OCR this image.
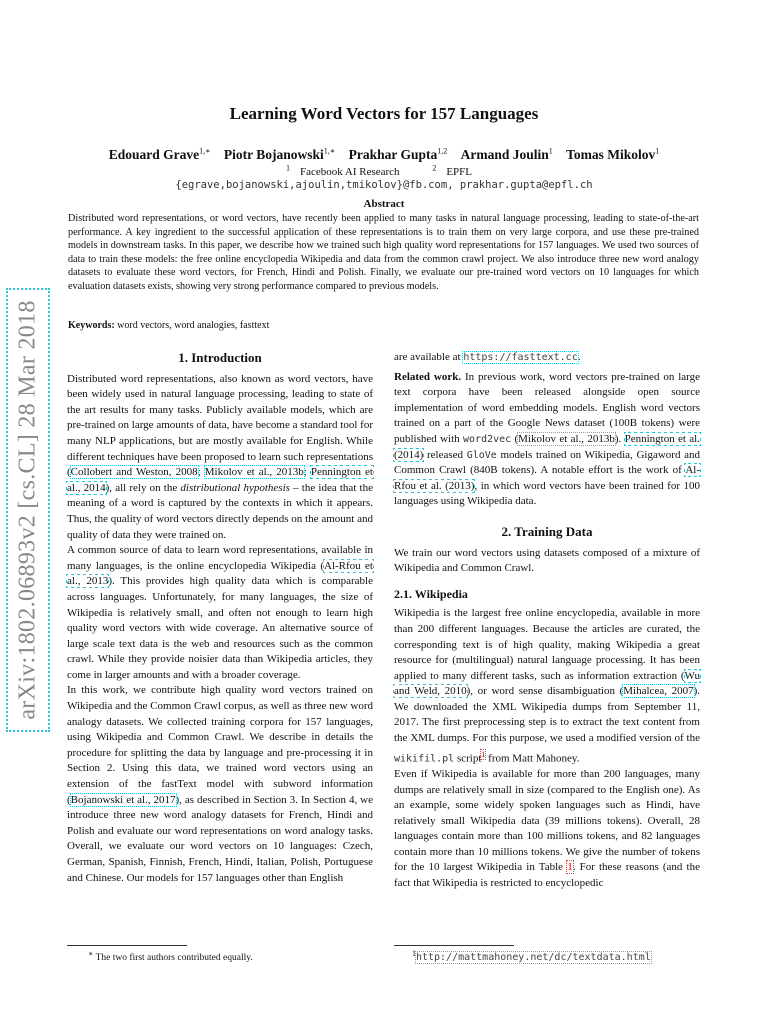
arXiv:1802.06893v2 [cs.CL] 28 Mar 2018
Learning Word Vectors for 157 Languages
Edouard Grave$^{1,∗}$ Piotr Bojanowski$^{1,∗}$ Prakhar Gupta$^{1,2}$ Armand Joulin$^1$ Tomas Mikolov$^1$
$^1$ Facebook AI Research	$^2$ EPFL
{egrave,bojanowski,ajoulin,tmikolov}@fb.com, prakhar.gupta@epfl.ch
Abstract

Distributed word representations, or word vectors, have recently been applied to many tasks in natural language processing, leading to state-of-the-art performance. A key ingredient to the successful application of these representations is to train them on very large corpora, and use these pre-trained models in downstream tasks. In this paper, we describe how we trained such high quality word representations for 157 languages. We used two sources of data to train these models: the free online encyclopedia Wikipedia and data from the common crawl project. We also introduce three new word analogy datasets to evaluate these word vectors, for French, Hindi and Polish. Finally, we evaluate our pre-trained word vectors on 10 languages for which evaluation datasets exists, showing very strong performance compared to previous models.

Keywords: word vectors, word analogies, fasttext
1. Introduction

Distributed word representations, also known as word vectors, have been widely used in natural language processing, leading to state of the art results for many tasks. Publicly available models, which are pre-trained on large amounts of data, have become a standard tool for many NLP applications, but are mostly available for English. While different techniques have been proposed to learn such representations (Collobert and Weston, 2008; Mikolov et al., 2013b; Pennington et al., 2014), all rely on the distributional hypothesis – the idea that the meaning of a word is captured by the contexts in which it appears. Thus, the quality of word vectors directly depends on the amount and quality of data they were trained on.

A common source of data to learn word representations, available in many languages, is the online encyclopedia Wikipedia (Al-Rfou et al., 2013). This provides high quality data which is comparable across languages. Unfortunately, for many languages, the size of Wikipedia is relatively small, and often not enough to learn high quality word vectors with wide coverage. An alternative source of large scale text data is the web and resources such as the common crawl. While they provide noisier data than Wikipedia articles, they come in larger amounts and with a broader coverage.

In this work, we contribute high quality word vectors trained on Wikipedia and the Common Crawl corpus, as well as three new word analogy datasets. We collected training corpora for 157 languages, using Wikipedia and Common Crawl. We describe in details the procedure for splitting the data by language and pre-processing it in Section 2. Using this data, we trained word vectors using an extension of the fastText model with subword information (Bojanowski et al., 2017), as described in Section 3. In Section 4, we introduce three new word analogy datasets for French, Hindi and Polish and evaluate our word representations on word analogy tasks. Overall, we evaluate our word vectors on 10 languages: Czech, German, Spanish, Finnish, French, Hindi, Italian, Polish, Portuguese and Chinese. Our models for 157 languages other than English

are available at https://fasttext.cc.

Related work. In previous work, word vectors pre-trained on large text corpora have been released alongside open source implementation of word embedding models. English word vectors trained on a part of the Google News dataset (100B tokens) were published with word2vec (Mikolov et al., 2013b). Pennington et al. (2014) released GloVe models trained on Wikipedia, Gigaword and Common Crawl (840B tokens). A notable effort is the work of Al-Rfou et al. (2013), in which word vectors have been trained for 100 languages using Wikipedia data.

2. Training Data

We train our word vectors using datasets composed of a mixture of Wikipedia and Common Crawl.

2.1. Wikipedia

Wikipedia is the largest free online encyclopedia, available in more than 200 different languages. Because the articles are curated, the corresponding text is of high quality, making Wikipedia a great resource for (multilingual) natural language processing. It has been applied to many different tasks, such as information extraction (Wu and Weld, 2010), or word sense disambiguation (Mihalcea, 2007). We downloaded the XML Wikipedia dumps from September 11, 2017. The first preprocessing step is to extract the text content from the XML dumps. For this purpose, we used a modified version of the wikifil.pl script$^1$ from Matt Mahoney.

Even if Wikipedia is available for more than 200 languages, many dumps are relatively small in size (compared to the English one). As an example, some widely spoken languages such as Hindi, have relatively small Wikipedia data (39 millions tokens). Overall, 28 languages contain more than 100 millions tokens, and 82 languages contain more than 10 millions tokens. We give the number of tokens for the 10 largest Wikipedia in Table 1. For these reasons (and the fact that Wikipedia is restricted to encyclopedic

∗ The two first authors contributed equally.	$^1$http://mattmahoney.net/dc/textdata.html
